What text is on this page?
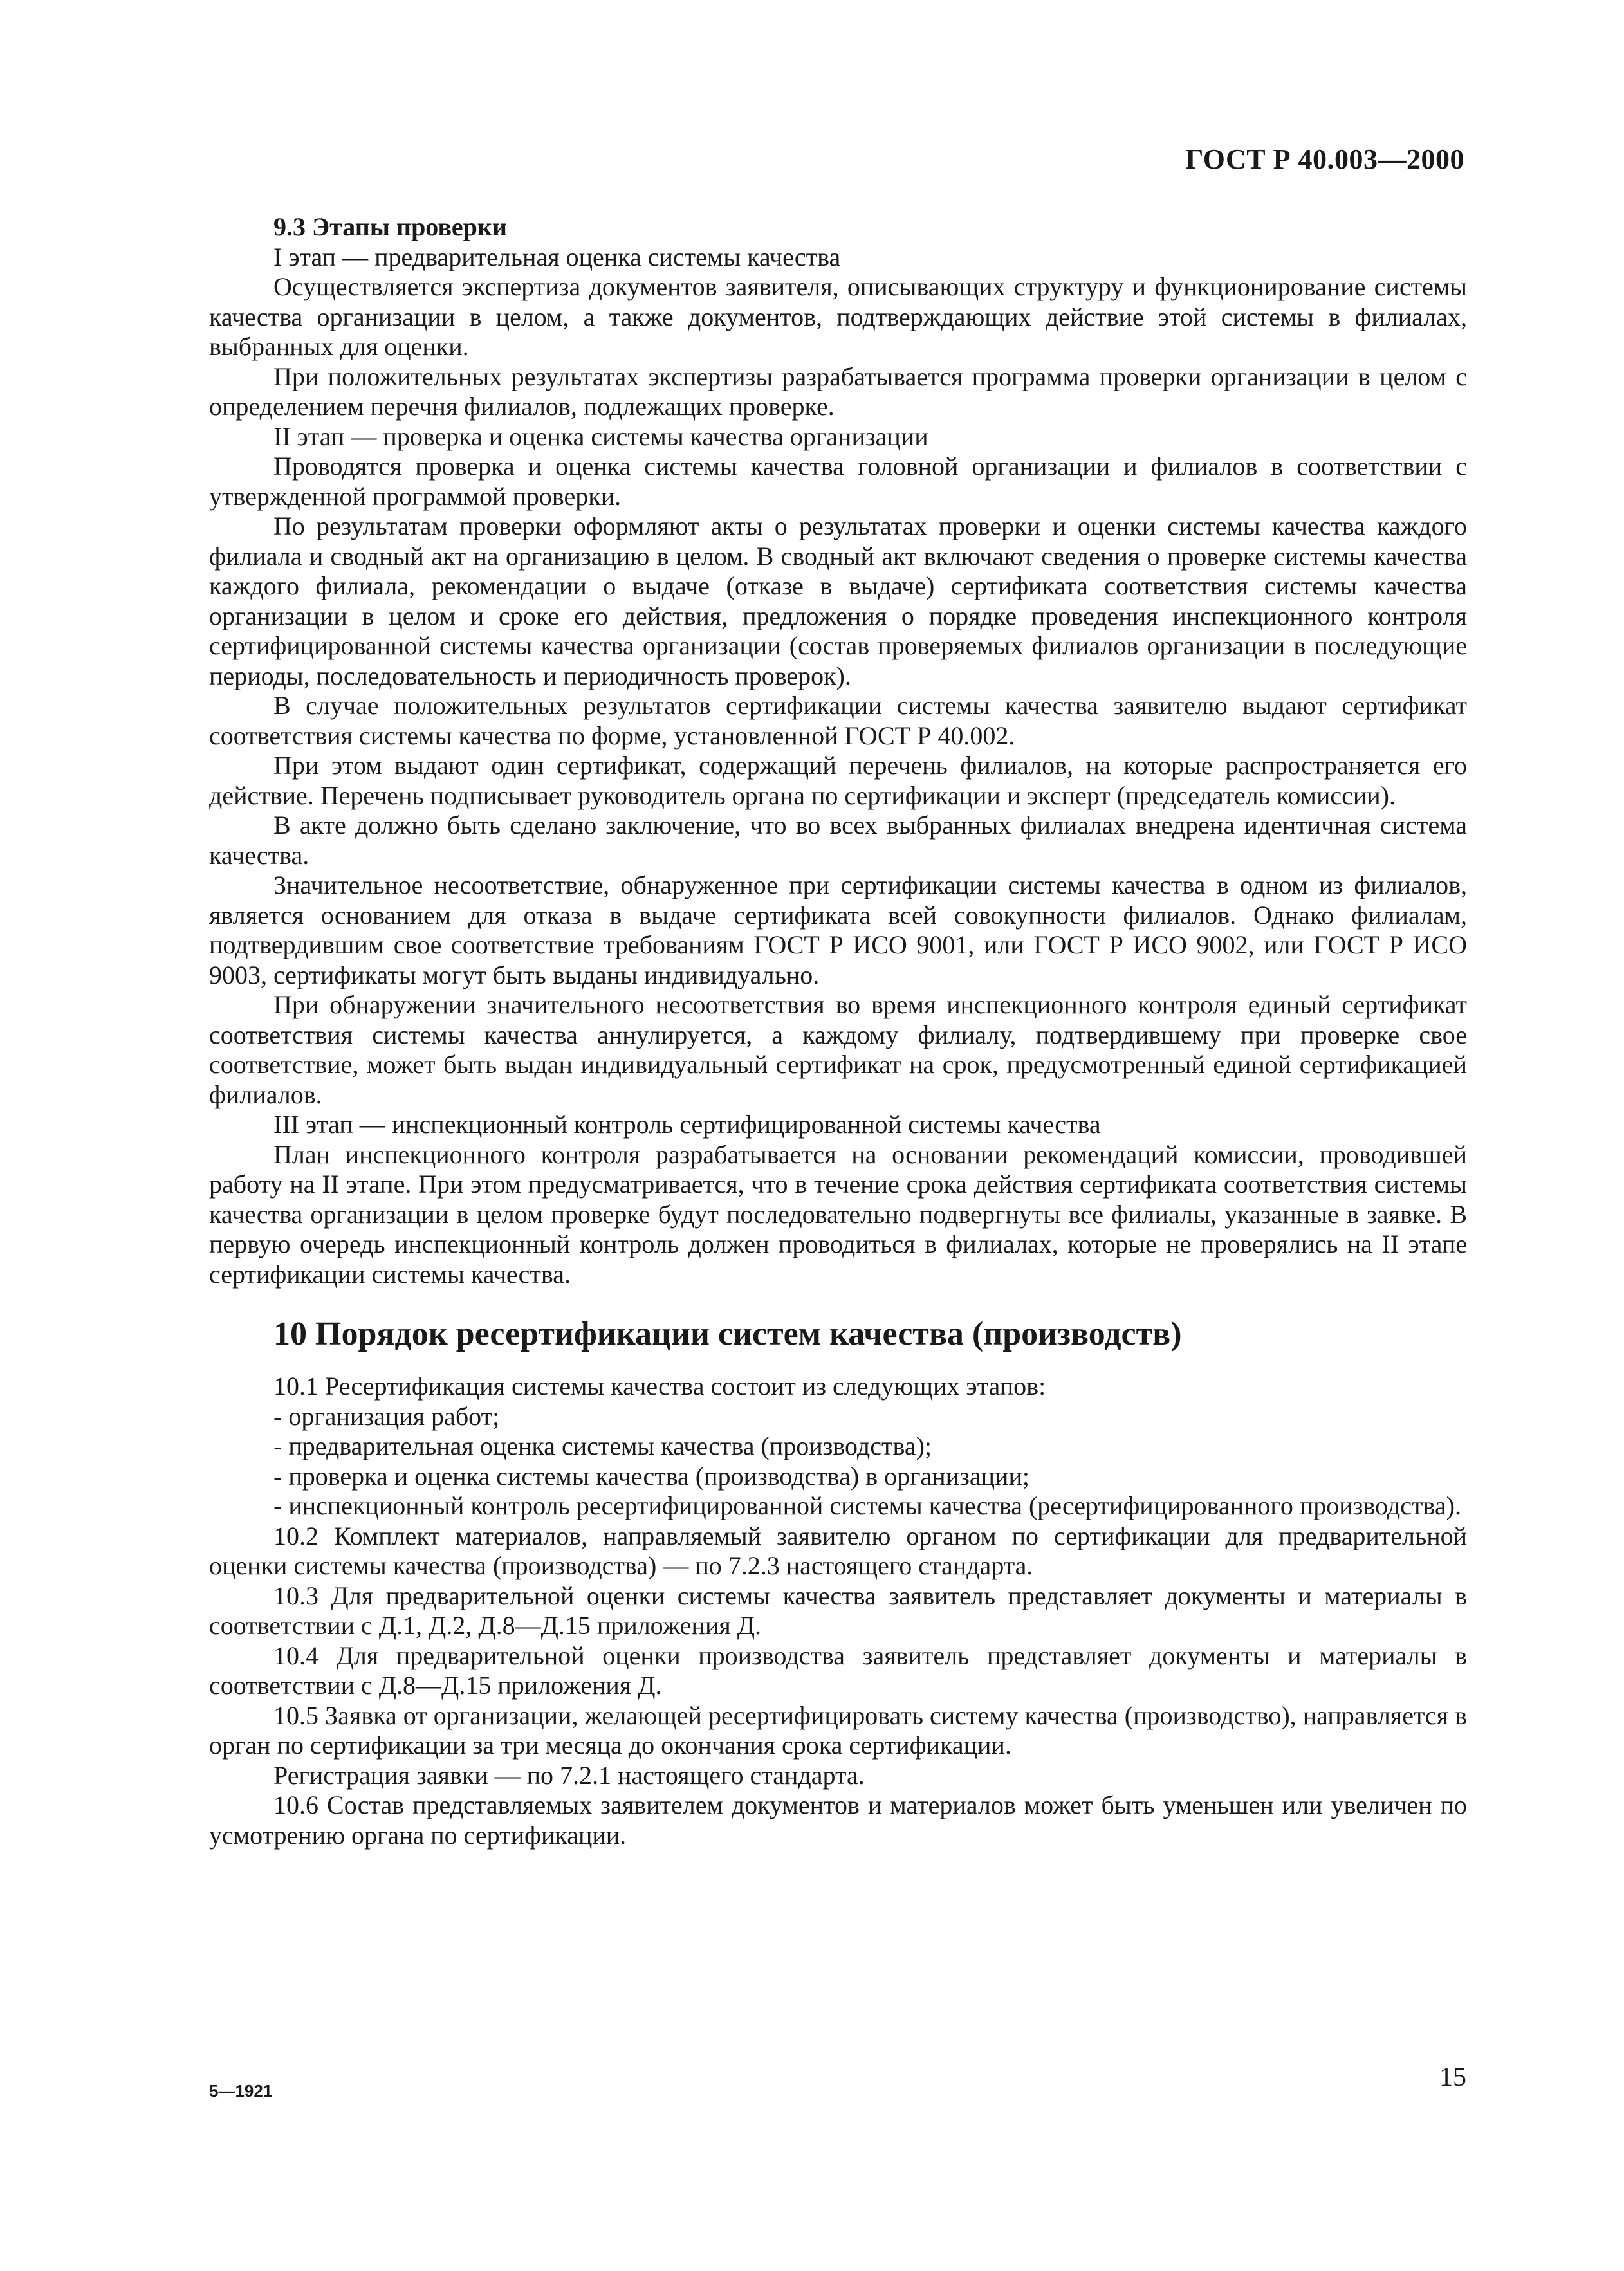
ГОСТ Р 40.003—2000

9.3 Этапы проверки

I этап — предварительная оценка системы качества

Осуществляется экспертиза документов заявителя, описывающих структуру и функционирование системы качества организации в целом, а также документов, подтверждающих действие этой системы в филиалах, выбранных для оценки.

При положительных результатах экспертизы разрабатывается программа проверки организации в целом с определением перечня филиалов, подлежащих проверке.

II этап — проверка и оценка системы качества организации

Проводятся проверка и оценка системы качества головной организации и филиалов в соответствии с утвержденной программой проверки.

По результатам проверки оформляют акты о результатах проверки и оценки системы качества каждого филиала и сводный акт на организацию в целом. В сводный акт включают сведения о проверке системы качества каждого филиала, рекомендации о выдаче (отказе в выдаче) сертификата соответствия системы качества организации в целом и сроке его действия, предложения о порядке проведения инспекционного контроля сертифицированной системы качества организации (состав проверяемых филиалов организации в последующие периоды, последовательность и периодичность проверок).

В случае положительных результатов сертификации системы качества заявителю выдают сертификат соответствия системы качества по форме, установленной ГОСТ Р 40.002.

При этом выдают один сертификат, содержащий перечень филиалов, на которые распространяется его действие. Перечень подписывает руководитель органа по сертификации и эксперт (председатель комиссии).

В акте должно быть сделано заключение, что во всех выбранных филиалах внедрена идентичная система качества.

Значительное несоответствие, обнаруженное при сертификации системы качества в одном из филиалов, является основанием для отказа в выдаче сертификата всей совокупности филиалов. Однако филиалам, подтвердившим свое соответствие требованиям ГОСТ Р ИСО 9001, или ГОСТ Р ИСО 9002, или ГОСТ Р ИСО 9003, сертификаты могут быть выданы индивидуально.

При обнаружении значительного несоответствия во время инспекционного контроля единый сертификат соответствия системы качества аннулируется, а каждому филиалу, подтвердившему при проверке свое соответствие, может быть выдан индивидуальный сертификат на срок, предусмотренный единой сертификацией филиалов.

III этап — инспекционный контроль сертифицированной системы качества

План инспекционного контроля разрабатывается на основании рекомендаций комиссии, проводившей работу на II этапе. При этом предусматривается, что в течение срока действия сертификата соответствия системы качества организации в целом проверке будут последовательно подвергнуты все филиалы, указанные в заявке. В первую очередь инспекционный контроль должен проводиться в филиалах, которые не проверялись на II этапе сертификации системы качества.

10 Порядок ресертификации систем качества (производств)

10.1 Ресертификация системы качества состоит из следующих этапов:

- организация работ;

- предварительная оценка системы качества (производства);

- проверка и оценка системы качества (производства) в организации;

- инспекционный контроль ресертифицированной системы качества (ресертифицированного производства).

10.2 Комплект материалов, направляемый заявителю органом по сертификации для предварительной оценки системы качества (производства) — по 7.2.3 настоящего стандарта.

10.3 Для предварительной оценки системы качества заявитель представляет документы и материалы в соответствии с Д.1, Д.2, Д.8—Д.15 приложения Д.

10.4 Для предварительной оценки производства заявитель представляет документы и материалы в соответствии с Д.8—Д.15 приложения Д.

10.5 Заявка от организации, желающей ресертифицировать систему качества (производство), направляется в орган по сертификации за три месяца до окончания срока сертификации.

Регистрация заявки — по 7.2.1 настоящего стандарта.

10.6 Состав представляемых заявителем документов и материалов может быть уменьшен или увеличен по усмотрению органа по сертификации.

15
5—1921
